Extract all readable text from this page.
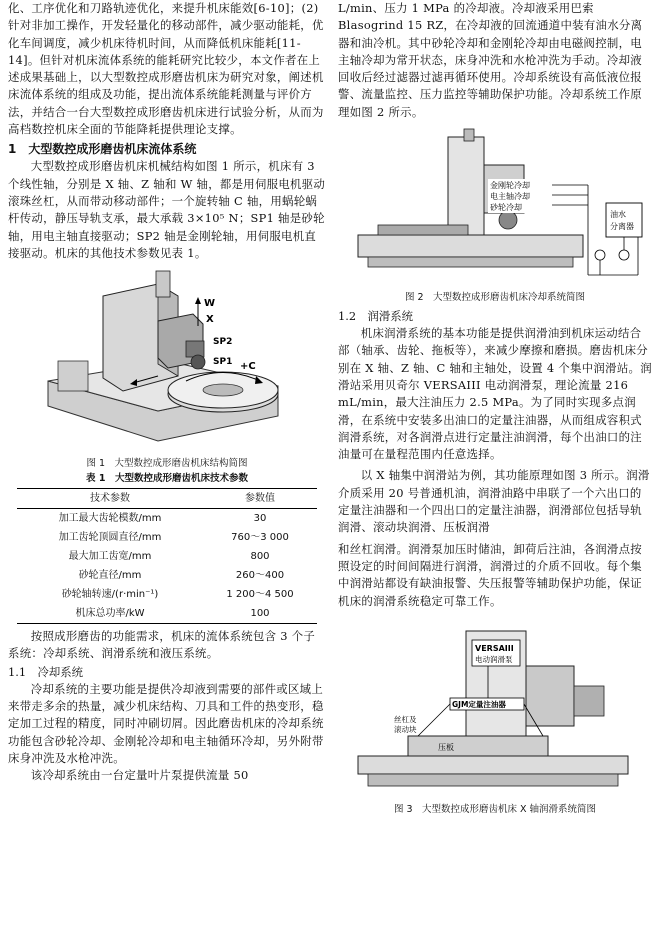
化、工序优化和刀路轨迹优化，来提升机床能效[6-10]；(2) 针对非加工操作，开发轻量化的移动部件，减少驱动能耗，优化车间调度，减少机床待机时间，从而降低机床能耗[11-14]。但针对机床流体系统的能耗研究比较少，本文作者在上述成果基础上，以大型数控成形磨齿机床为研究对象，阐述机床流体系统的组成及功能，提出流体系统能耗测量与评价方法，并结合一台大型数控成形磨齿机床进行试验分析，从而为高档数控机床全面的节能降耗提供理论支撑。

1　大型数控成形磨齿机床流体系统

大型数控成形磨齿机床机械结构如图 1 所示，机床有 3 个线性轴，分别是 X 轴、Z 轴和 W 轴，都是用伺服电机驱动滚珠丝杠，从而带动移动部件；一个旋转轴 C 轴，用蜗轮蜗杆传动，静压导轨支承，最大承载 3×10⁵ N；SP1 轴是砂轮轴，用电主轴直接驱动；SP2 轴是金刚轮轴，用伺服电机直接驱动。机床的其他技术参数见表 1。

W
X
SP2
SP1 +C
图 1　大型数控成形磨齿机床结构简图
表 1　大型数控成形磨齿机床技术参数
技术参数	参数值
加工最大齿轮模数/mm	30
加工齿轮顶圆直径/mm	760～3 000
最大加工齿宽/mm	800
砂轮直径/mm	260～400
砂轮轴转速/(r·min⁻¹)	1 200～4 500
机床总功率/kW	100

按照成形磨齿的功能需求，机床的流体系统包含 3 个子系统：冷却系统、润滑系统和液压系统。

1.1　冷却系统

冷却系统的主要功能是提供冷却液到需要的部件或区域上来带走多余的热量，减少机床结构、刀具和工件的热变形，稳定加工过程的精度，同时冲刷切屑。因此磨齿机床的冷却系统功能包含砂轮冷却、金刚轮冷却和电主轴循环冷却，另外附带床身冲洗及水枪冲洗。

该冷却系统由一台定量叶片泵提供流量 50

L/min、压力 1 MPa 的冷却液。冷却液采用巴索 Blasogrind 15 RZ，在冷却液的回流通道中装有油水分离器和油冷机。其中砂轮冷却和金刚轮冷却由电磁阀控制，电主轴冷却为常开状态，床身冲洗和水枪冲洗为手动。冷却液回收后经过滤器过滤再循环使用。冷却系统设有高低液位报警、流量监控、压力监控等辅助保护功能。冷却系统工作原理如图 2 所示。

金刚轮冷却
电主轴冷却
砂轮冷却
油水
分离器
图 2　大型数控成形磨齿机床冷却系统简图
1.2　润滑系统

机床润滑系统的基本功能是提供润滑油到机床运动结合部（轴承、齿轮、拖板等），来减少摩擦和磨损。磨齿机床分别在 X 轴、Z 轴、C 轴和主轴处，设置 4 个集中润滑站。润滑站采用贝奇尔 VERSAIII 电动润滑泵，理论流量 216 mL/min，最大注油压力 2.5 MPa。为了同时实现多点润滑，在系统中安装多出油口的定量注油器，从而组成容积式润滑系统，对各润滑点进行定量注油润滑，每个出油口的注油量可在量程范围内任意选择。

以 X 轴集中润滑站为例，其功能原理如图 3 所示。润滑介质采用 20 号普通机油，润滑油路中串联了一个六出口的定量注油器和一个四出口的定量注油器，润滑部位包括导轨润滑、滚动块润滑、压板润滑

和丝杠润滑。润滑泵加压时储油，卸荷后注油，各润滑点按照设定的时间间隔进行润滑，润滑过的介质不回收。每个集中润滑站都设有缺油报警、失压报警等辅助保护功能，保证机床的润滑系统稳定可靠工作。

VERSAIII
电动润滑泵
GJM定量注油器
丝杠及
滚动块
压板
图 3　大型数控成形磨齿机床 X 轴润滑系统简图
